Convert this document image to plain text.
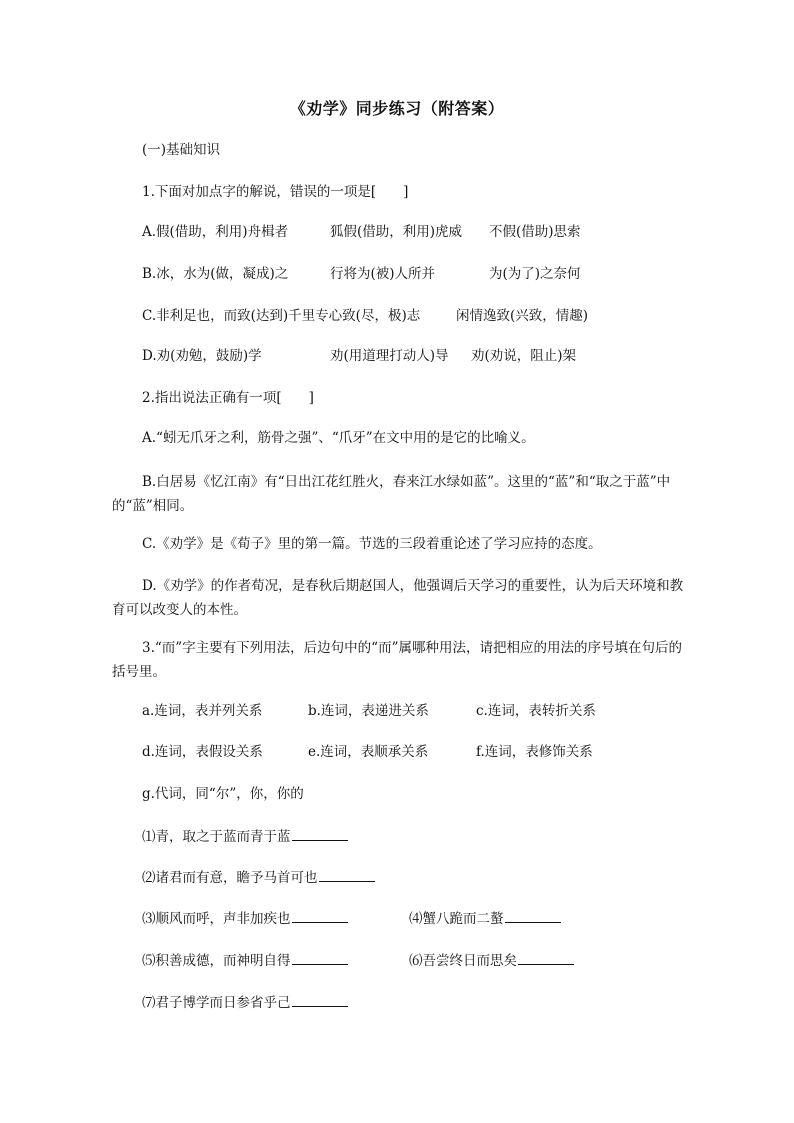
《劝学》同步练习（附答案）
(一)基础知识
1.下面对加点字的解说，错误的一项是[　　]
A.假(借助，利用)舟楫者	狐假(借助，利用)虎威 不假(借助)思索
B.冰，水为(做，凝成)之	行将为(被)人所并	为(为了)之奈何
C.非利足也，而致(达到)千里专心致(尽，极)志	闲情逸致(兴致，情趣)
D.劝(劝勉，鼓励)学	劝(用道理打动人)导 劝(劝说，阻止)架
2.指出说法正确有一项[　　]
A.“蚓无爪牙之利，筋骨之强”、“爪牙”在文中用的是它的比喻义。
B.白居易《忆江南》有“日出江花红胜火，春来江水绿如蓝”。这里的“蓝”和“取之于蓝”中的“蓝”相同。
C.《劝学》是《荀子》里的第一篇。节选的三段着重论述了学习应持的态度。
D.《劝学》的作者荀况，是春秋后期赵国人，他强调后天学习的重要性，认为后天环境和教育可以改变人的本性。
3.“而”字主要有下列用法，后边句中的“而”属哪种用法，请把相应的用法的序号填在句后的括号里。
a.连词，表并列关系	b.连词，表递进关系	c.连词，表转折关系
d.连词，表假设关系	e.连词，表顺承关系	f.连词，表修饰关系
g.代词，同“尔”，你，你的
⑴青，取之于蓝而青于蓝
⑵诸君而有意，瞻予马首可也
⑶顺风而呼，声非加疾也	⑷蟹八跪而二螯
⑸积善成德，而神明自得	⑹吾尝终日而思矣
⑺君子博学而日参省乎己
